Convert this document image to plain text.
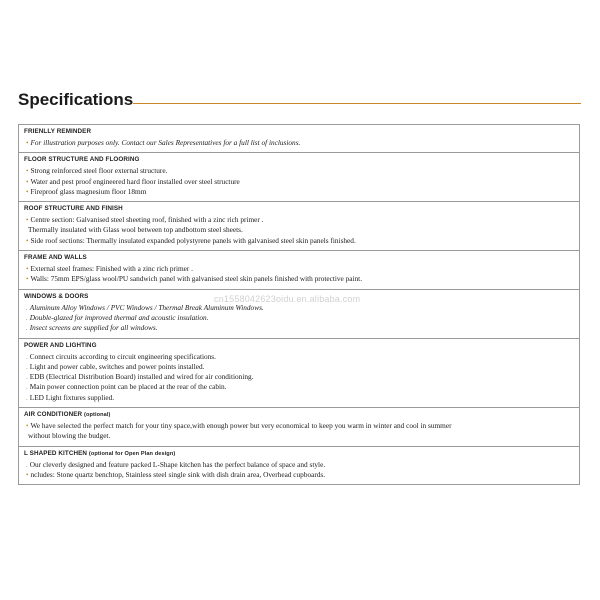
Specifications
FRIENLLY REMINDER
• For illustration purposes only. Contact our Sales Representatives for a full list of inclusions.
FLOOR STRUCTURE AND FLOORING
• Strong reinforced steel floor external structure.
• Water and pest proof engineered hard floor installed over steel structure
• Fireproof glass magnesium floor 18mm
ROOF STRUCTURE AND FINISH
• Centre section: Galvanised steel sheeting roof, finished with a zinc rich primer .
Thermally insulated with Glass wool between top andbottom steel sheets.
• Side roof sections: Thermally insulated expanded polystyrene panels with galvanised steel skin panels finished.
FRAME AND WALLS
• External steel frames: Finished with a zinc rich primer .
• Walls: 75mm EPS/glass wool/PU sandwich panel with galvanised steel skin panels finished with protective paint.
WINDOWS & DOORS
. Aluminum Alloy Windows / PVC Windows / Thermal Break Aluminum Windows.
. Double-glazed for improved thermal and acoustic insulation.
. Insect screens are supplied for all windows.
POWER AND LIGHTING
. Connect circuits according to circuit engineering specifications.
. Light and power cable, switches and power points installed.
. EDB (Electrical Distribution Board) installed and wired for air conditioning.
. Main power connection point can be placed at the rear of the cabin.
. LED Light fixtures supplied.
AIR CONDITIONER (optional)
• We have selected the perfect match for your tiny space,with enough power but very economical to keep you warm in winter and cool in summer
without blowing the budget.
L SHAPED KITCHEN (optional for Open Plan design)
. Our cleverly designed and feature packed L-Shape kitchen has the perfect balance of space and style.
• ncludes: Stone quartz benchtop, Stainless steel single sink with dish drain area, Overhead cupboards.
cn1558042623oidu.en.alibaba.com
